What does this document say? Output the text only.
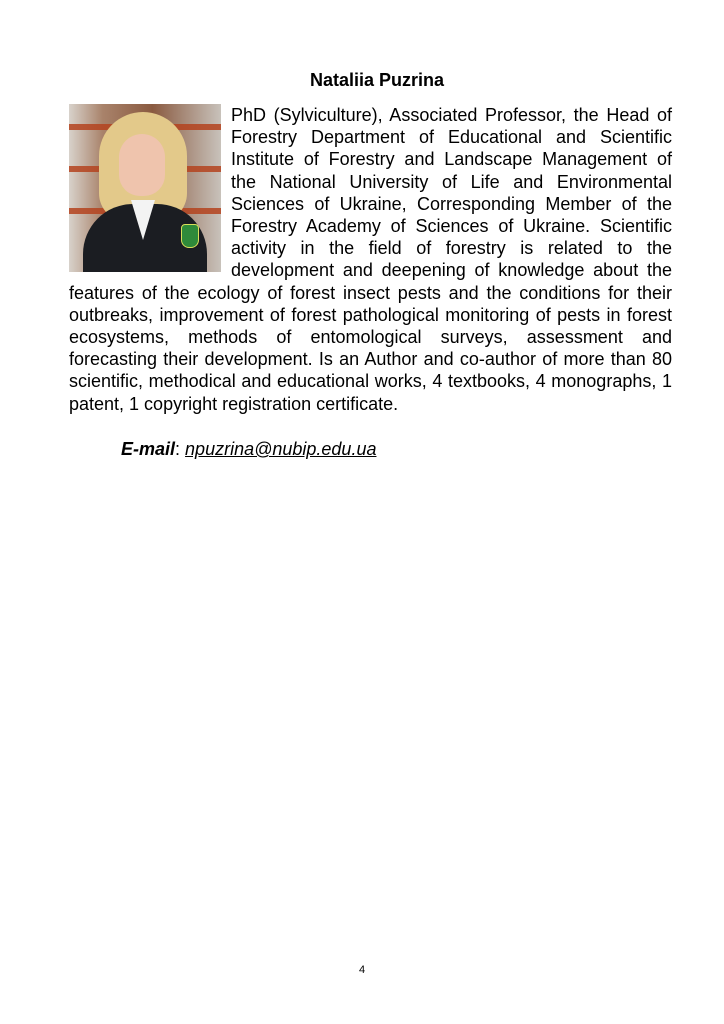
Nataliia Puzrina

PhD (Sylviculture), Associated Professor, the Head of Forestry Department of Educational and Scientific Institute of Forestry and Landscape Management of the National University of Life and Environmental Sciences of Ukraine, Corresponding Member of the Forestry Academy of Sciences of Ukraine. Scientific activity in the field of forestry is related to the development and deepening of knowledge about the features of the ecology of forest insect pests and the conditions for their outbreaks, improvement of forest pathological monitoring of pests in forest ecosystems, methods of entomological surveys, assessment and forecasting their development. Is an Author and co-author of more than 80 scientific, methodical and educational works, 4 textbooks, 4 monographs, 1 patent, 1 copyright registration certificate.

E-mail: npuzrina@nubip.edu.ua

4
